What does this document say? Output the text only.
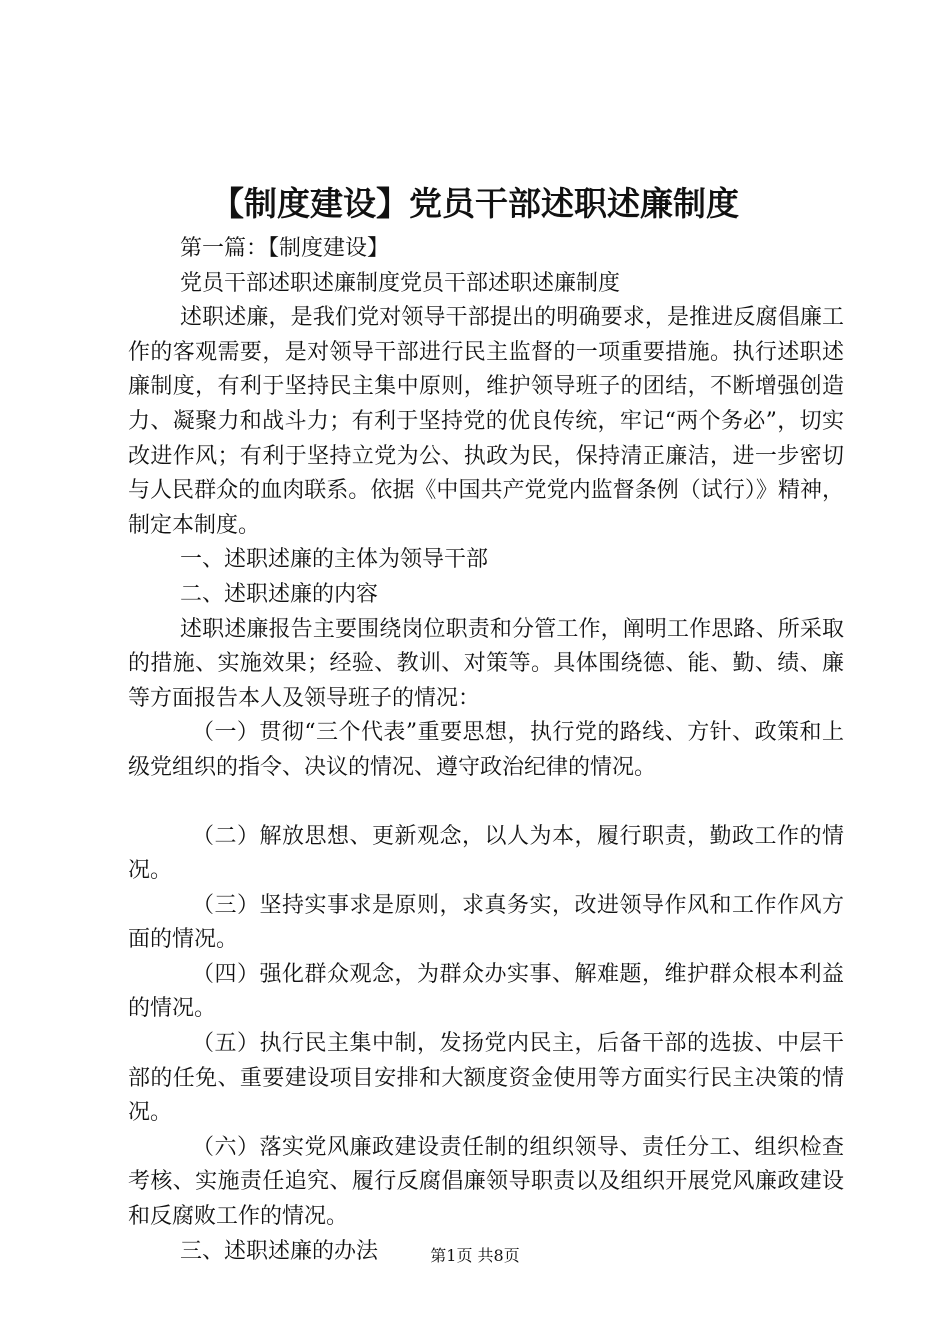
【制度建设】党员干部述职述廉制度

第一篇：【制度建设】

党员干部述职述廉制度党员干部述职述廉制度

述职述廉，是我们党对领导干部提出的明确要求，是推进反腐倡廉工作的客观需要，是对领导干部进行民主监督的一项重要措施。执行述职述廉制度，有利于坚持民主集中原则，维护领导班子的团结，不断增强创造力、凝聚力和战斗力；有利于坚持党的优良传统，牢记“两个务必”，切实改进作风；有利于坚持立党为公、执政为民，保持清正廉洁，进一步密切与人民群众的血肉联系。依据《中国共产党党内监督条例（试行）》精神，制定本制度。

一、述职述廉的主体为领导干部

二、述职述廉的内容

述职述廉报告主要围绕岗位职责和分管工作，阐明工作思路、所采取的措施、实施效果；经验、教训、对策等。具体围绕德、能、勤、绩、廉等方面报告本人及领导班子的情况：

（一）贯彻“三个代表”重要思想，执行党的路线、方针、政策和上级党组织的指令、决议的情况、遵守政治纪律的情况。

（二）解放思想、更新观念，以人为本，履行职责，勤政工作的情况。

（三）坚持实事求是原则，求真务实，改进领导作风和工作作风方面的情况。

（四）强化群众观念，为群众办实事、解难题，维护群众根本利益的情况。

（五）执行民主集中制，发扬党内民主，后备干部的选拔、中层干部的任免、重要建设项目安排和大额度资金使用等方面实行民主决策的情况。

（六）落实党风廉政建设责任制的组织领导、责任分工、组织检查考核、实施责任追究、履行反腐倡廉领导职责以及组织开展党风廉政建设和反腐败工作的情况。

三、述职述廉的办法	第1页 共8页
